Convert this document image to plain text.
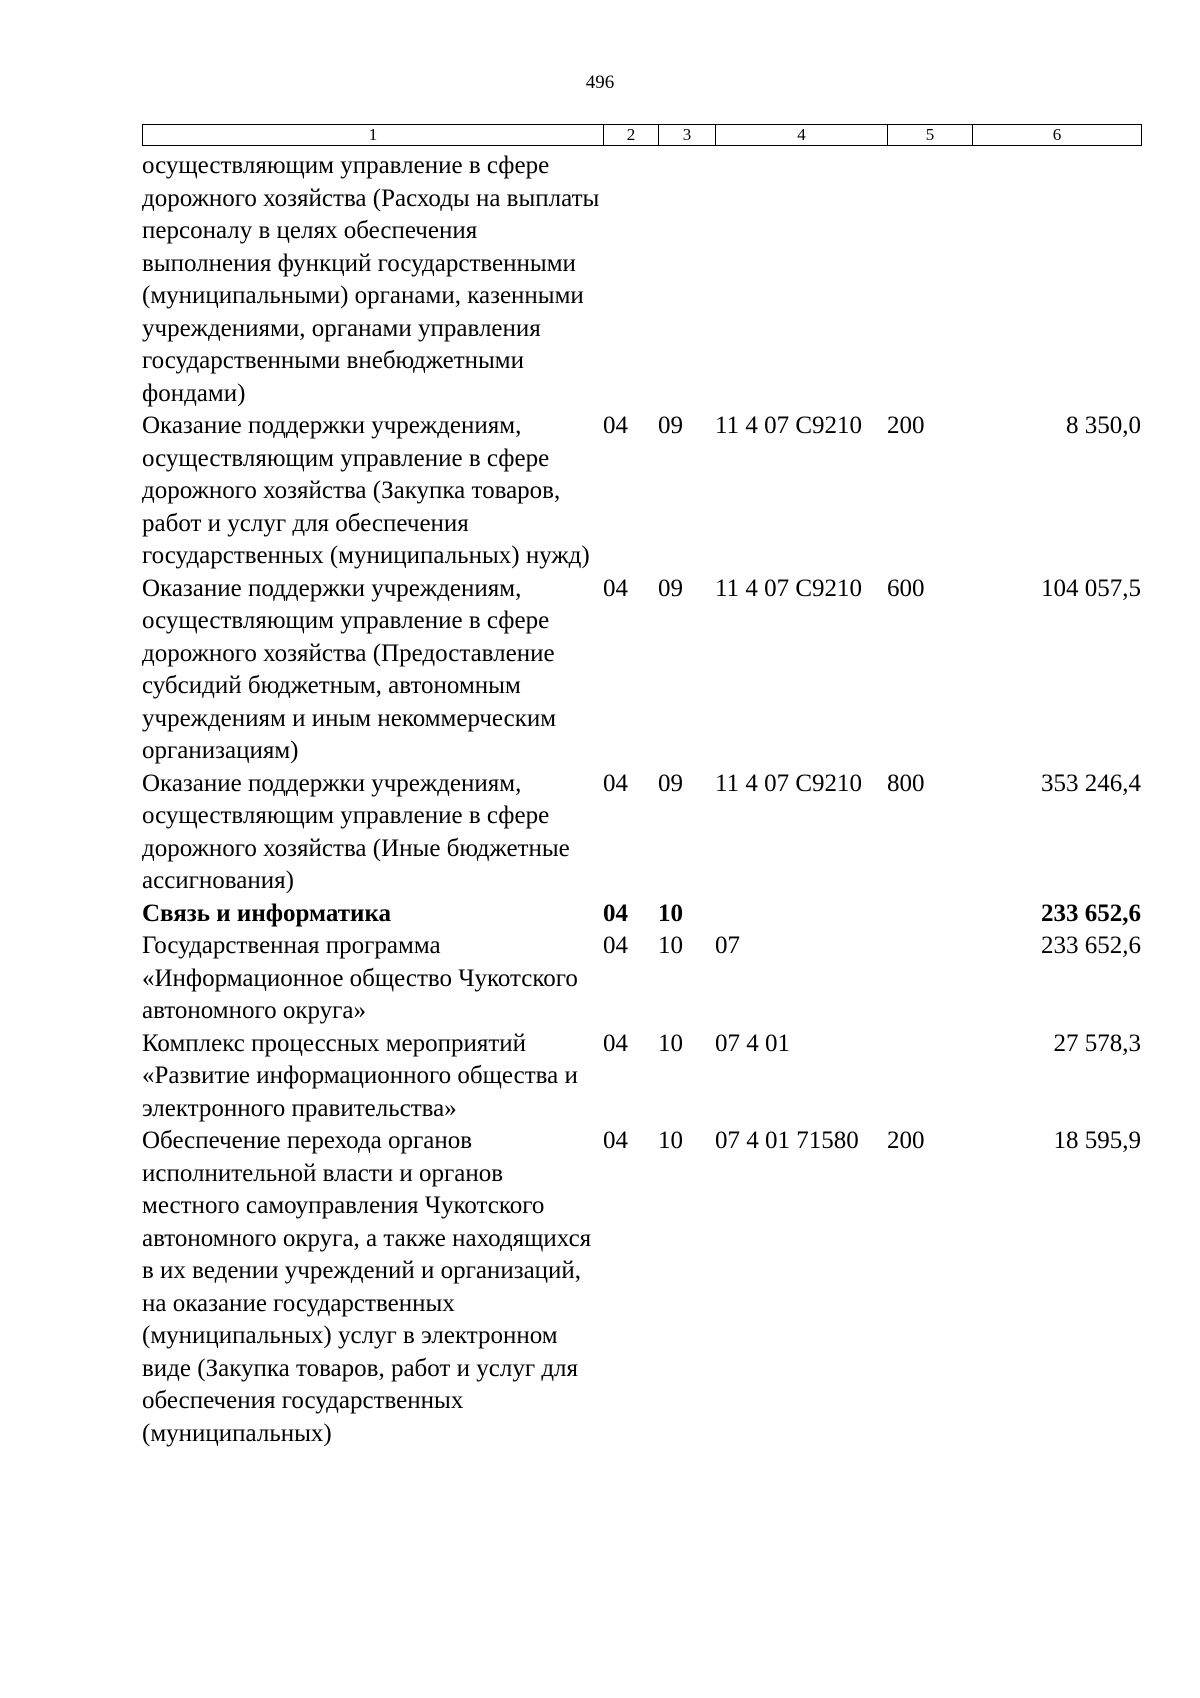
496
1	2	3	4	5	6
осуществляющим управление в сфере дорожного хозяйства (Расходы на выплаты персоналу в целях обеспечения выполнения функций государственными (муниципальными) органами, казенными учреждениями, органами управления государственными внебюджетными фондами)					
Оказание поддержки учреждениям, осуществляющим управление в сфере дорожного хозяйства (Закупка товаров, работ и услуг для обеспечения государственных (муниципальных) нужд)	04	09	11 4 07 С9210	200	8 350,0
Оказание поддержки учреждениям, осуществляющим управление в сфере дорожного хозяйства (Предоставление субсидий бюджетным, автономным учреждениям и иным некоммерческим организациям)	04	09	11 4 07 С9210	600	104 057,5
Оказание поддержки учреждениям, осуществляющим управление в сфере дорожного хозяйства (Иные бюджетные ассигнования)	04	09	11 4 07 С9210	800	353 246,4
Связь и информатика	04	10			233 652,6
Государственная программа «Информационное общество Чукотского автономного округа»	04	10	07		233 652,6
Комплекс процессных мероприятий «Развитие информационного общества и электронного правительства»	04	10	07 4 01		27 578,3
Обеспечение перехода органов исполнительной власти и органов местного самоуправления Чукотского автономного округа, а также находящихся в их ведении учреждений и организаций, на оказание государственных (муниципальных) услуг в электронном виде (Закупка товаров, работ и услуг для обеспечения государственных (муниципальных)	04	10	07 4 01 71580	200	18 595,9
